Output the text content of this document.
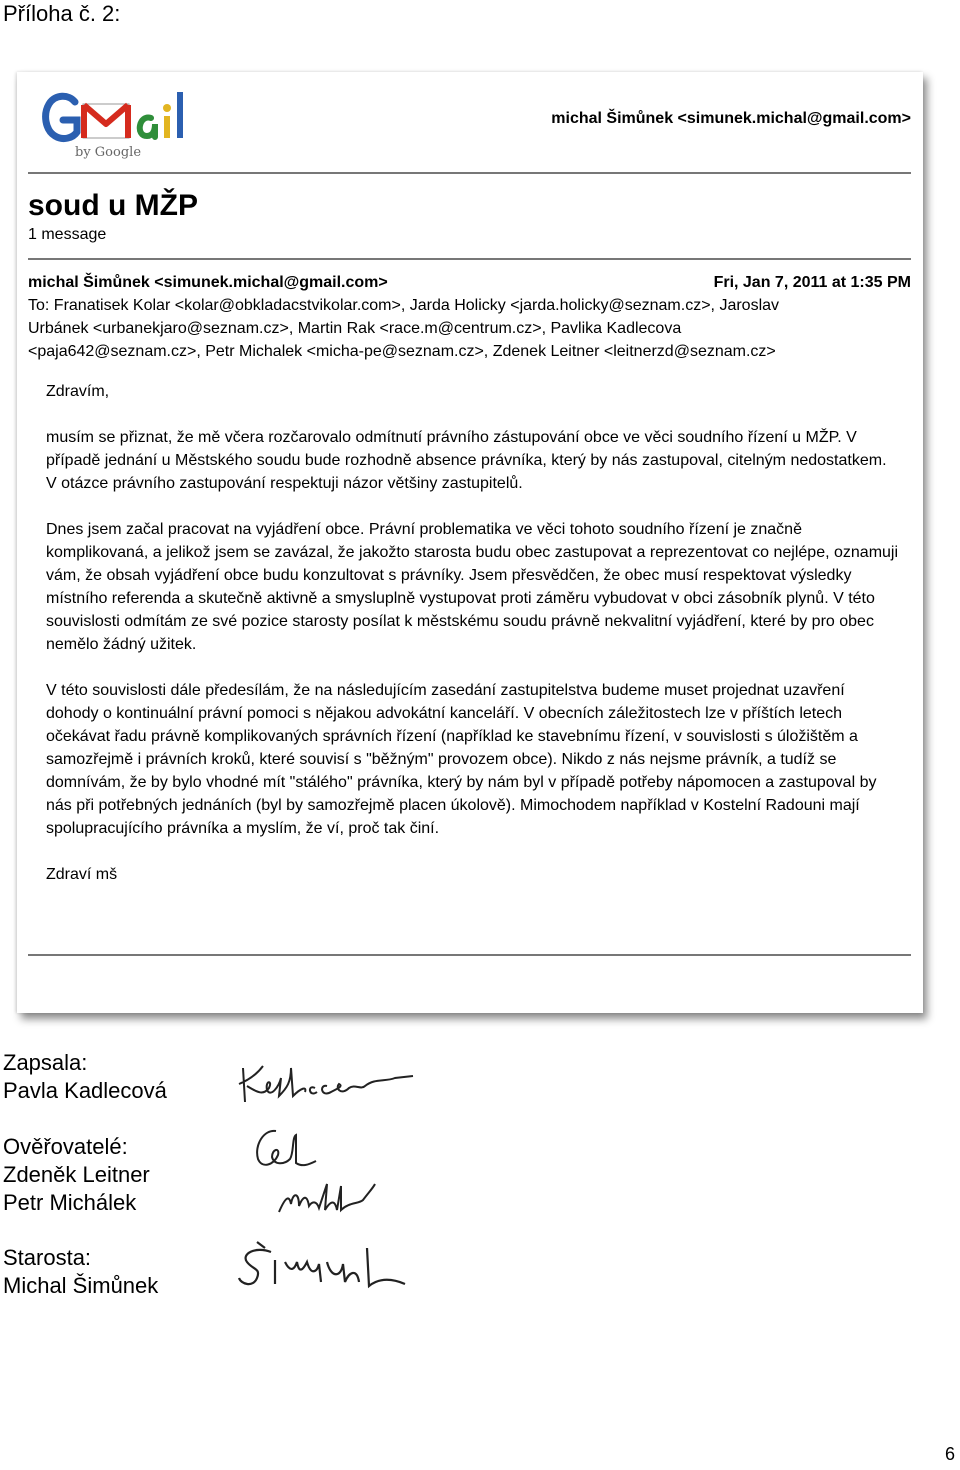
Příloha č. 2:
by Google
michal Šimůnek <simunek.michal@gmail.com>
soud u MŽP
1 message
michal Šimůnek <simunek.michal@gmail.com>	Fri, Jan 7, 2011 at 1:35 PM

To: Franatisek Kolar <kolar@obkladacstvikolar.com>, Jarda Holicky <jarda.holicky@seznam.cz>, Jaroslav

Urbánek <urbanekjaro@seznam.cz>, Martin Rak <race.m@centrum.cz>, Pavlika Kadlecova

<paja642@seznam.cz>, Petr Michalek <micha-pe@seznam.cz>, Zdenek Leitner <leitnerzd@seznam.cz>

Zdravím,

musím se přiznat, že mě včera rozčarovalo odmítnutí právního zástupování obce ve věci soudního řízení u MŽP. V případě jednání u Městského soudu bude rozhodně absence právníka, který by nás zastupoval, citelným nedostatkem. V otázce právního zastupování respektuji názor většiny zastupitelů.

Dnes jsem začal pracovat na vyjádření obce. Právní problematika ve věci tohoto soudního řízení je značně komplikovaná, a jelikož jsem se zavázal, že jakožto starosta budu obec zastupovat a reprezentovat co nejlépe, oznamuji vám, že obsah vyjádření obce budu konzultovat s právníky. Jsem přesvědčen, že obec musí respektovat výsledky místního referenda a skutečně aktivně a smysluplně vystupovat proti záměru vybudovat v obci zásobník plynů. V této souvislosti odmítám ze své pozice starosty posílat k městskému soudu právně nekvalitní vyjádření, které by pro obec nemělo žádný užitek.

V této souvislosti dále předesílám, že na následujícím zasedání zastupitelstva budeme muset projednat uzavření dohody o kontinuální právní pomoci s nějakou advokátní kanceláří. V obecních záležitostech lze v příštích letech očekávat řadu právně komplikovaných správních řízení (například ke stavebnímu řízení, v souvislosti s úložištěm a samozřejmě i právních kroků, které souvisí s "běžným" provozem obce). Nikdo z nás nejsme právník, a tudíž se domnívám, že by bylo vhodné mít "stálého" právníka, který by nám byl v případě potřeby nápomocen a zastupoval by nás při potřebných jednáních (byl by samozřejmě placen úkolově). Mimochodem například v Kostelní Radouni mají spolupracujícího právníka a myslím, že ví, proč tak činí.

Zdraví mš

Zapsala:
Pavla Kadlecová
Ověřovatelé:
Zdeněk Leitner
Petr Michálek
Starosta:
Michal Šimůnek
6
